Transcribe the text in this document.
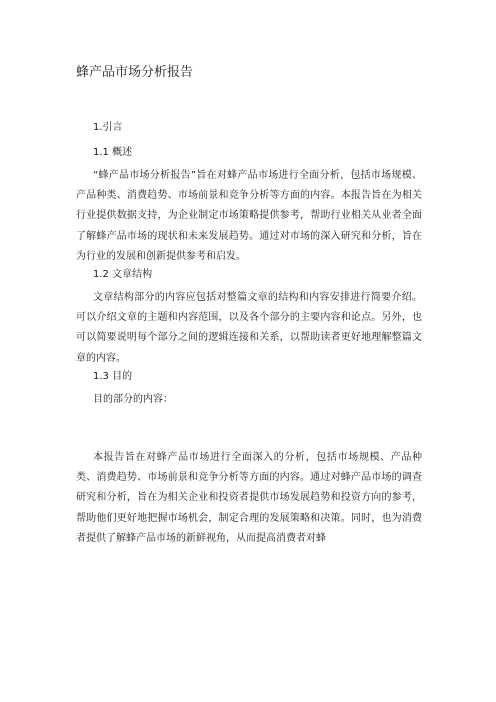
蜂产品市场分析报告
1.引言
1.1 概述

“蜂产品市场分析报告”旨在对蜂产品市场进行全面分析，包括市场规模、产品种类、消费趋势、市场前景和竞争分析等方面的内容。本报告旨在为相关行业提供数据支持，为企业制定市场策略提供参考，帮助行业相关从业者全面了解蜂产品市场的现状和未来发展趋势。通过对市场的深入研究和分析，旨在为行业的发展和创新提供参考和启发。

1.2 文章结构

文章结构部分的内容应包括对整篇文章的结构和内容安排进行简要介绍。可以介绍文章的主题和内容范围，以及各个部分的主要内容和论点。另外，也可以简要说明每个部分之间的逻辑连接和关系，以帮助读者更好地理解整篇文章的内容。

1.3 目的

目的部分的内容：

本报告旨在对蜂产品市场进行全面深入的分析，包括市场规模、产品种类、消费趋势、市场前景和竞争分析等方面的内容。通过对蜂产品市场的调查研究和分析，旨在为相关企业和投资者提供市场发展趋势和投资方向的参考，帮助他们更好地把握市场机会，制定合理的发展策略和决策。同时，也为消费者提供了解蜂产品市场的新鲜视角，从而提高消费者对蜂
